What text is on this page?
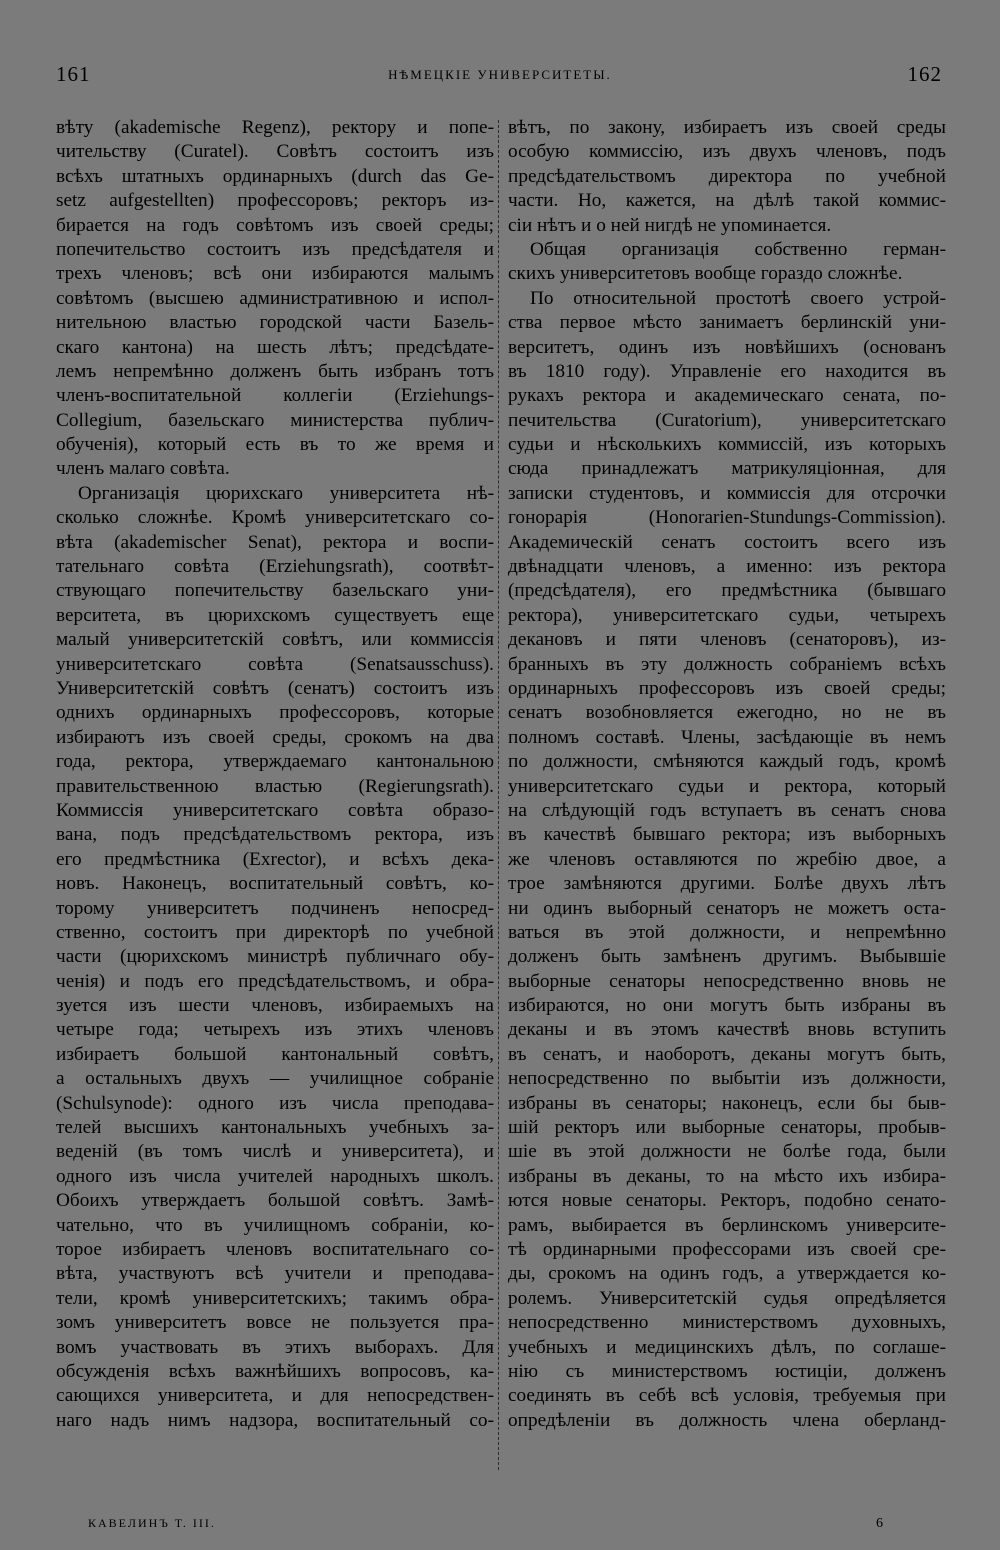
161	НѢМЕЦКІЕ УНИВЕРСИТЕТЫ.	162
вѣту (akademische Regenz), ректору и попе-
чительству (Curatel). Совѣтъ состоитъ изъ
всѣхъ штатныхъ ординарныхъ (durch das Ge-
setz aufgestellten) профессоровъ; ректоръ из-
бирается на годъ совѣтомъ изъ своей среды;
попечительство состоитъ изъ предсѣдателя и
трехъ членовъ; всѣ они избираются малымъ
совѣтомъ (высшею административною и испол-
нительною властью городской части Базель-
скаго кантона) на шесть лѣтъ; предсѣдате-
лемъ непремѣнно долженъ быть избранъ тотъ
членъ-воспитательной коллегіи (Erziehungs-
Collegium, базельскаго министерства публич-
обученія), который есть въ то же время и
членъ малаго совѣта.
Организація цюрихскаго университета нѣ-
сколько сложнѣе. Кромѣ университетскаго со-
вѣта (akademischer Senat), ректора и воспи-
тательнаго совѣта (Erziehungsrath), соотвѣт-
ствующаго попечительству базельскаго уни-
верситета, въ цюрихскомъ существуетъ еще
малый университетскій совѣтъ, или коммиссія
университетскаго совѣта (Senatsausschuss).
Университетскій совѣтъ (сенатъ) состоитъ изъ
однихъ ординарныхъ профессоровъ, которые
избираютъ изъ своей среды, срокомъ на два
года, ректора, утверждаемаго кантональною
правительственною властью (Regierungsrath).
Коммиссія университетскаго совѣта образо-
вана, подъ предсѣдательствомъ ректора, изъ
его предмѣстника (Exrector), и всѣхъ дека-
новъ. Наконецъ, воспитательный совѣтъ, ко-
торому университетъ подчиненъ непосред-
ственно, состоитъ при директорѣ по учебной
части (цюрихскомъ министрѣ публичнаго обу-
ченія) и подъ его предсѣдательствомъ, и обра-
зуется изъ шести членовъ, избираемыхъ на
четыре года; четырехъ изъ этихъ членовъ
избираетъ большой кантональный совѣтъ,
а остальныхъ двухъ — училищное собраніе
(Schulsynode): одного изъ числа преподава-
телей высшихъ кантональныхъ учебныхъ за-
веденій (въ томъ числѣ и университета), и
одного изъ числа учителей народныхъ школъ.
Обоихъ утверждаетъ большой совѣтъ. Замѣ-
чательно, что въ училищномъ собраніи, ко-
торое избираетъ членовъ воспитательнаго со-
вѣта, участвуютъ всѣ учители и преподава-
тели, кромѣ университетскихъ; такимъ обра-
зомъ университетъ вовсе не пользуется пра-
вомъ участвовать въ этихъ выборахъ. Для
обсужденія всѣхъ важнѣйшихъ вопросовъ, ка-
сающихся университета, и для непосредствен-
наго надъ нимъ надзора, воспитательный со-
вѣтъ, по закону, избираетъ изъ своей среды
особую коммиссію, изъ двухъ членовъ, подъ
предсѣдательствомъ директора по учебной
части. Но, кажется, на дѣлѣ такой коммис-
сіи нѣтъ и о ней нигдѣ не упоминается.
Общая организація собственно герман-
скихъ университетовъ вообще гораздо сложнѣе.
По относительной простотѣ своего устрой-
ства первое мѣсто занимаетъ берлинскій уни-
верситетъ, одинъ изъ новѣйшихъ (основанъ
въ 1810 году). Управленіе его находится въ
рукахъ ректора и академическаго сената, по-
печительства (Curatorium), университетскаго
судьи и нѣсколькихъ коммиссій, изъ которыхъ
сюда принадлежатъ матрикуляціонная, для
записки студентовъ, и коммиссія для отсрочки
гонорарія (Honorarien-Stundungs-Commission).
Академическій сенатъ состоитъ всего изъ
двѣнадцати членовъ, а именно: изъ ректора
(предсѣдателя), его предмѣстника (бывшаго
ректора), университетскаго судьи, четырехъ
декановъ и пяти членовъ (сенаторовъ), из-
бранныхъ въ эту должность собраніемъ всѣхъ
ординарныхъ профессоровъ изъ своей среды;
сенатъ возобновляется ежегодно, но не въ
полномъ составѣ. Члены, засѣдающіе въ немъ
по должности, смѣняются каждый годъ, кромѣ
университетскаго судьи и ректора, который
на слѣдующій годъ вступаетъ въ сенатъ снова
въ качествѣ бывшаго ректора; изъ выборныхъ
же членовъ оставляются по жребію двое, а
трое замѣняются другими. Болѣе двухъ лѣтъ
ни одинъ выборный сенаторъ не можетъ оста-
ваться въ этой должности, и непремѣнно
долженъ быть замѣненъ другимъ. Выбывшіе
выборные сенаторы непосредственно вновь не
избираются, но они могутъ быть избраны въ
деканы и въ этомъ качествѣ вновь вступить
въ сенатъ, и наоборотъ, деканы могутъ быть,
непосредственно по выбытіи изъ должности,
избраны въ сенаторы; наконецъ, если бы быв-
шій ректоръ или выборные сенаторы, пробыв-
шіе въ этой должности не болѣе года, были
избраны въ деканы, то на мѣсто ихъ избира-
ются новые сенаторы. Ректоръ, подобно сенато-
рамъ, выбирается въ берлинскомъ университе-
тѣ ординарными профессорами изъ своей сре-
ды, срокомъ на одинъ годъ, а утверждается ко-
ролемъ. Университетскій судья опредѣляется
непосредственно министерствомъ духовныхъ,
учебныхъ и медицинскихъ дѣлъ, по соглаше-
нію съ министерствомъ юстиціи, долженъ
соединять въ себѣ всѣ условія, требуемыя при
опредѣленіи въ должность члена оберланд-
КАВЕЛИНЪ Т. III.	6
